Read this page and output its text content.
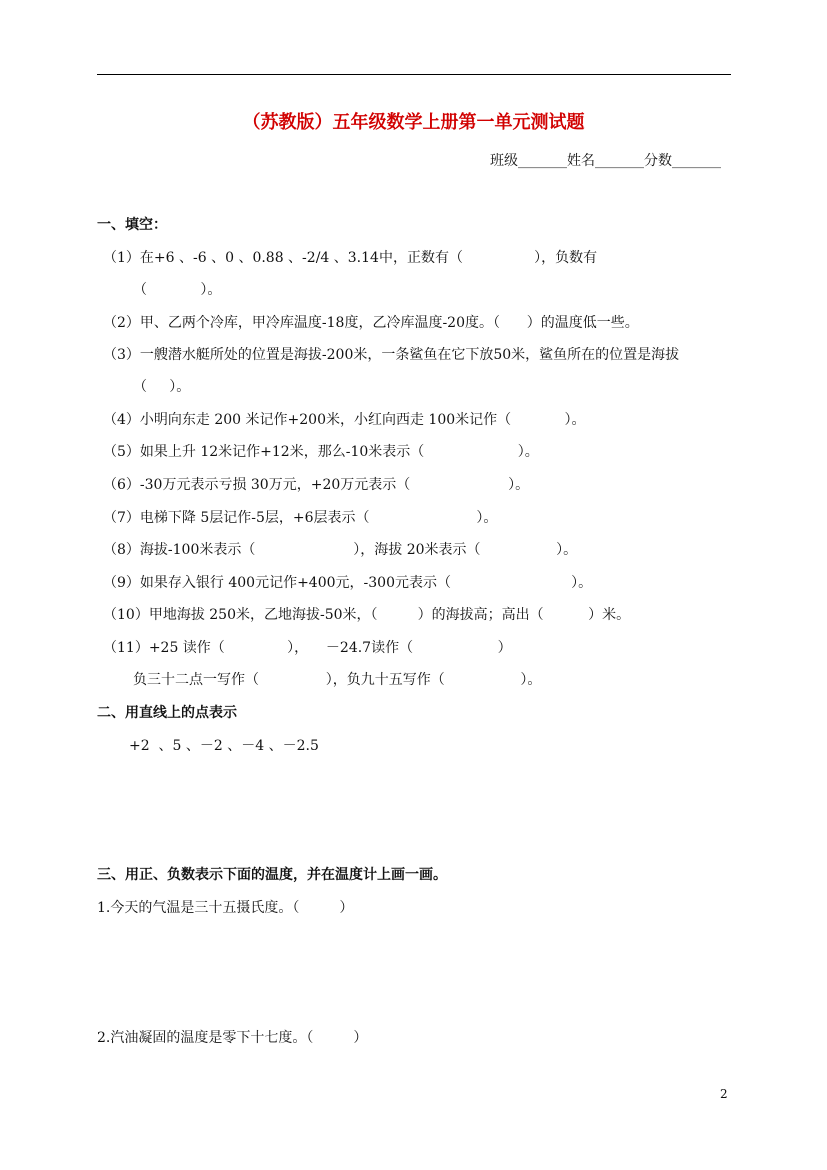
（苏教版）五年级数学上册第一单元测试题
班级_______姓名_______分数_______
一、填空：
（1）在+6 、-6 、0 、0.88 、-2/4 、3.14中，正数有（                ），负数有
（            ）。
（2）甲、乙两个冷库，甲冷库温度-18度，乙冷库温度-20度。（      ）的温度低一些。
（3）一艘潜水艇所处的位置是海拔-200米，一条鲨鱼在它下放50米，鲨鱼所在的位置是海拔
（     ）。
（4）小明向东走 200 米记作+200米，小红向西走 100米记作（            ）。
（5）如果上升 12米记作+12米，那么-10米表示（                     ）。
（6）-30万元表示亏损 30万元，+20万元表示（                      ）。
（7）电梯下降 5层记作-5层，+6层表示（                        ）。
（8）海拔-100米表示（                      ），海拔 20米表示（                 ）。
（9）如果存入银行 400元记作+400元，-300元表示（                           ）。
（10）甲地海拔 250米，乙地海拔-50米，（         ）的海拔高；高出（          ）米。
（11）+25 读作（              ），    －24.7读作（                   ）
负三十二点一写作（               ），负九十五写作（                 ）。
二、用直线上的点表示
+2  、5 、－2 、－4 、－2.5
三、用正、负数表示下面的温度，并在温度计上画一画。
1.今天的气温是三十五摄氏度。（         ）
2.汽油凝固的温度是零下十七度。（         ）
2
